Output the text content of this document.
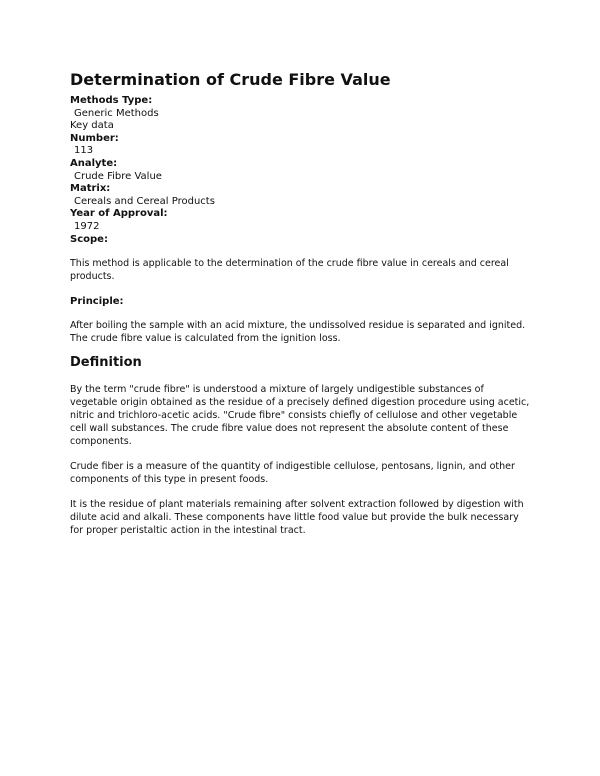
Determination of Crude Fibre Value
Methods Type:
Generic Methods
Key data
Number:
113
Analyte:
Crude Fibre Value
Matrix:
Cereals and Cereal Products
Year of Approval:
1972
Scope:

This method is applicable to the determination of the crude fibre value in cereals and cereal products.

Principle:

After boiling the sample with an acid mixture, the undissolved residue is separated and ignited. The crude fibre value is calculated from the ignition loss.

Definition

By the term "crude fibre" is understood a mixture of largely undigestible substances of vegetable origin obtained as the residue of a precisely defined digestion procedure using acetic, nitric and trichloro-acetic acids. "Crude fibre" consists chiefly of cellulose and other vegetable cell wall substances. The crude fibre value does not represent the absolute content of these components.

Crude fiber is a measure of the quantity of indigestible cellulose, pentosans, lignin, and other components of this type in present foods.

It is the residue of plant materials remaining after solvent extraction followed by digestion with dilute acid and alkali. These components have little food value but provide the bulk necessary for proper peristaltic action in the intestinal tract.
